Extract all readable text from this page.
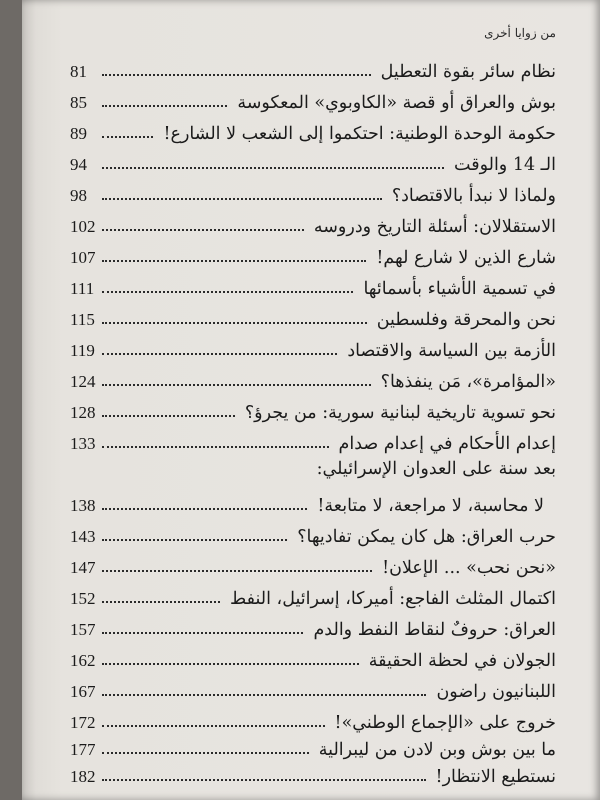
من زوايا أخرى
نظام سائر بقوة التعطيل
81
بوش والعراق أو قصة «الكاوبوي» المعكوسة
85
حكومة الوحدة الوطنية: احتكموا إلى الشعب لا الشارع!
89
الـ 14 والوقت
94
ولماذا لا نبدأ بالاقتصاد؟
98
الاستقلالان: أسئلة التاريخ ودروسه
102
شارع الذين لا شارع لهم!
107
في تسمية الأشياء بأسمائها
111
نحن والمحرقة وفلسطين
115
الأزمة بين السياسة والاقتصاد
119
«المؤامرة»، مَن ينفذها؟
124
نحو تسوية تاريخية لبنانية سورية: من يجرؤ؟
128
إعدام الأحكام في إعدام صدام
133
بعد سنة على العدوان الإسرائيلي:
لا محاسبة، لا مراجعة، لا متابعة!
138
حرب العراق: هل كان يمكن تفاديها؟
143
«نحن نحب» ... الإعلان!
147
اكتمال المثلث الفاجع: أميركا، إسرائيل، النفط
152
العراق: حروفٌ لنقاط النفط والدم
157
الجولان في لحظة الحقيقة
162
اللبنانيون راضون
167
خروج على «الإجماع الوطني»!
172
ما بين بوش وبن لادن من ليبرالية
177
نستطيع الانتظار!
182
